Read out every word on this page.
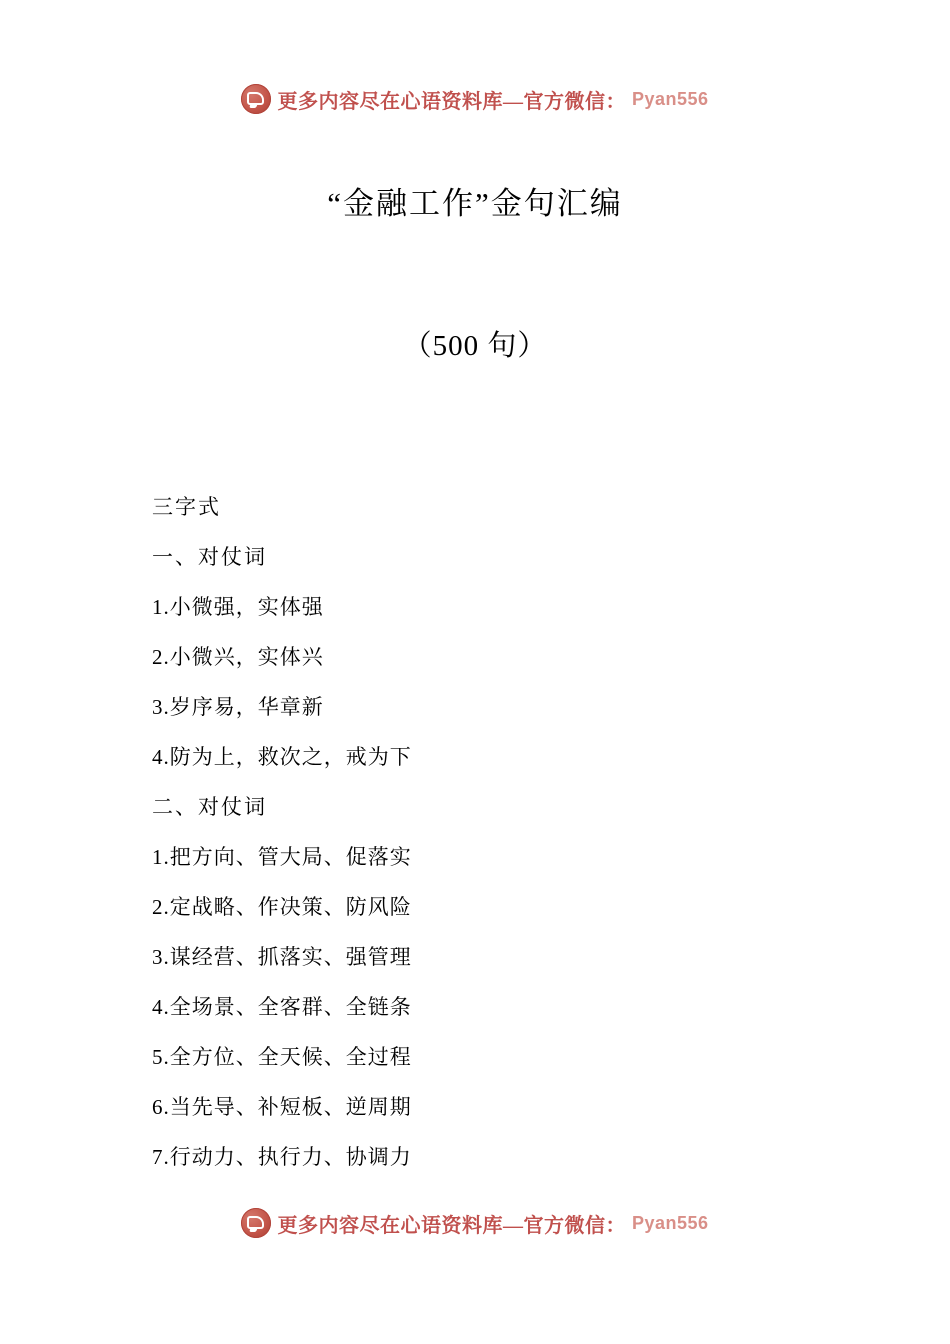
更多内容尽在心语资料库—官方微信： Pyan556
“金融工作”金句汇编
（500 句）
三字式
一、对仗词
1.小微强，实体强
2.小微兴，实体兴
3.岁序易，华章新
4.防为上，救次之，戒为下
二、对仗词
1.把方向、管大局、促落实
2.定战略、作决策、防风险
3.谋经营、抓落实、强管理
4.全场景、全客群、全链条
5.全方位、全天候、全过程
6.当先导、补短板、逆周期
7.行动力、执行力、协调力
更多内容尽在心语资料库—官方微信： Pyan556
